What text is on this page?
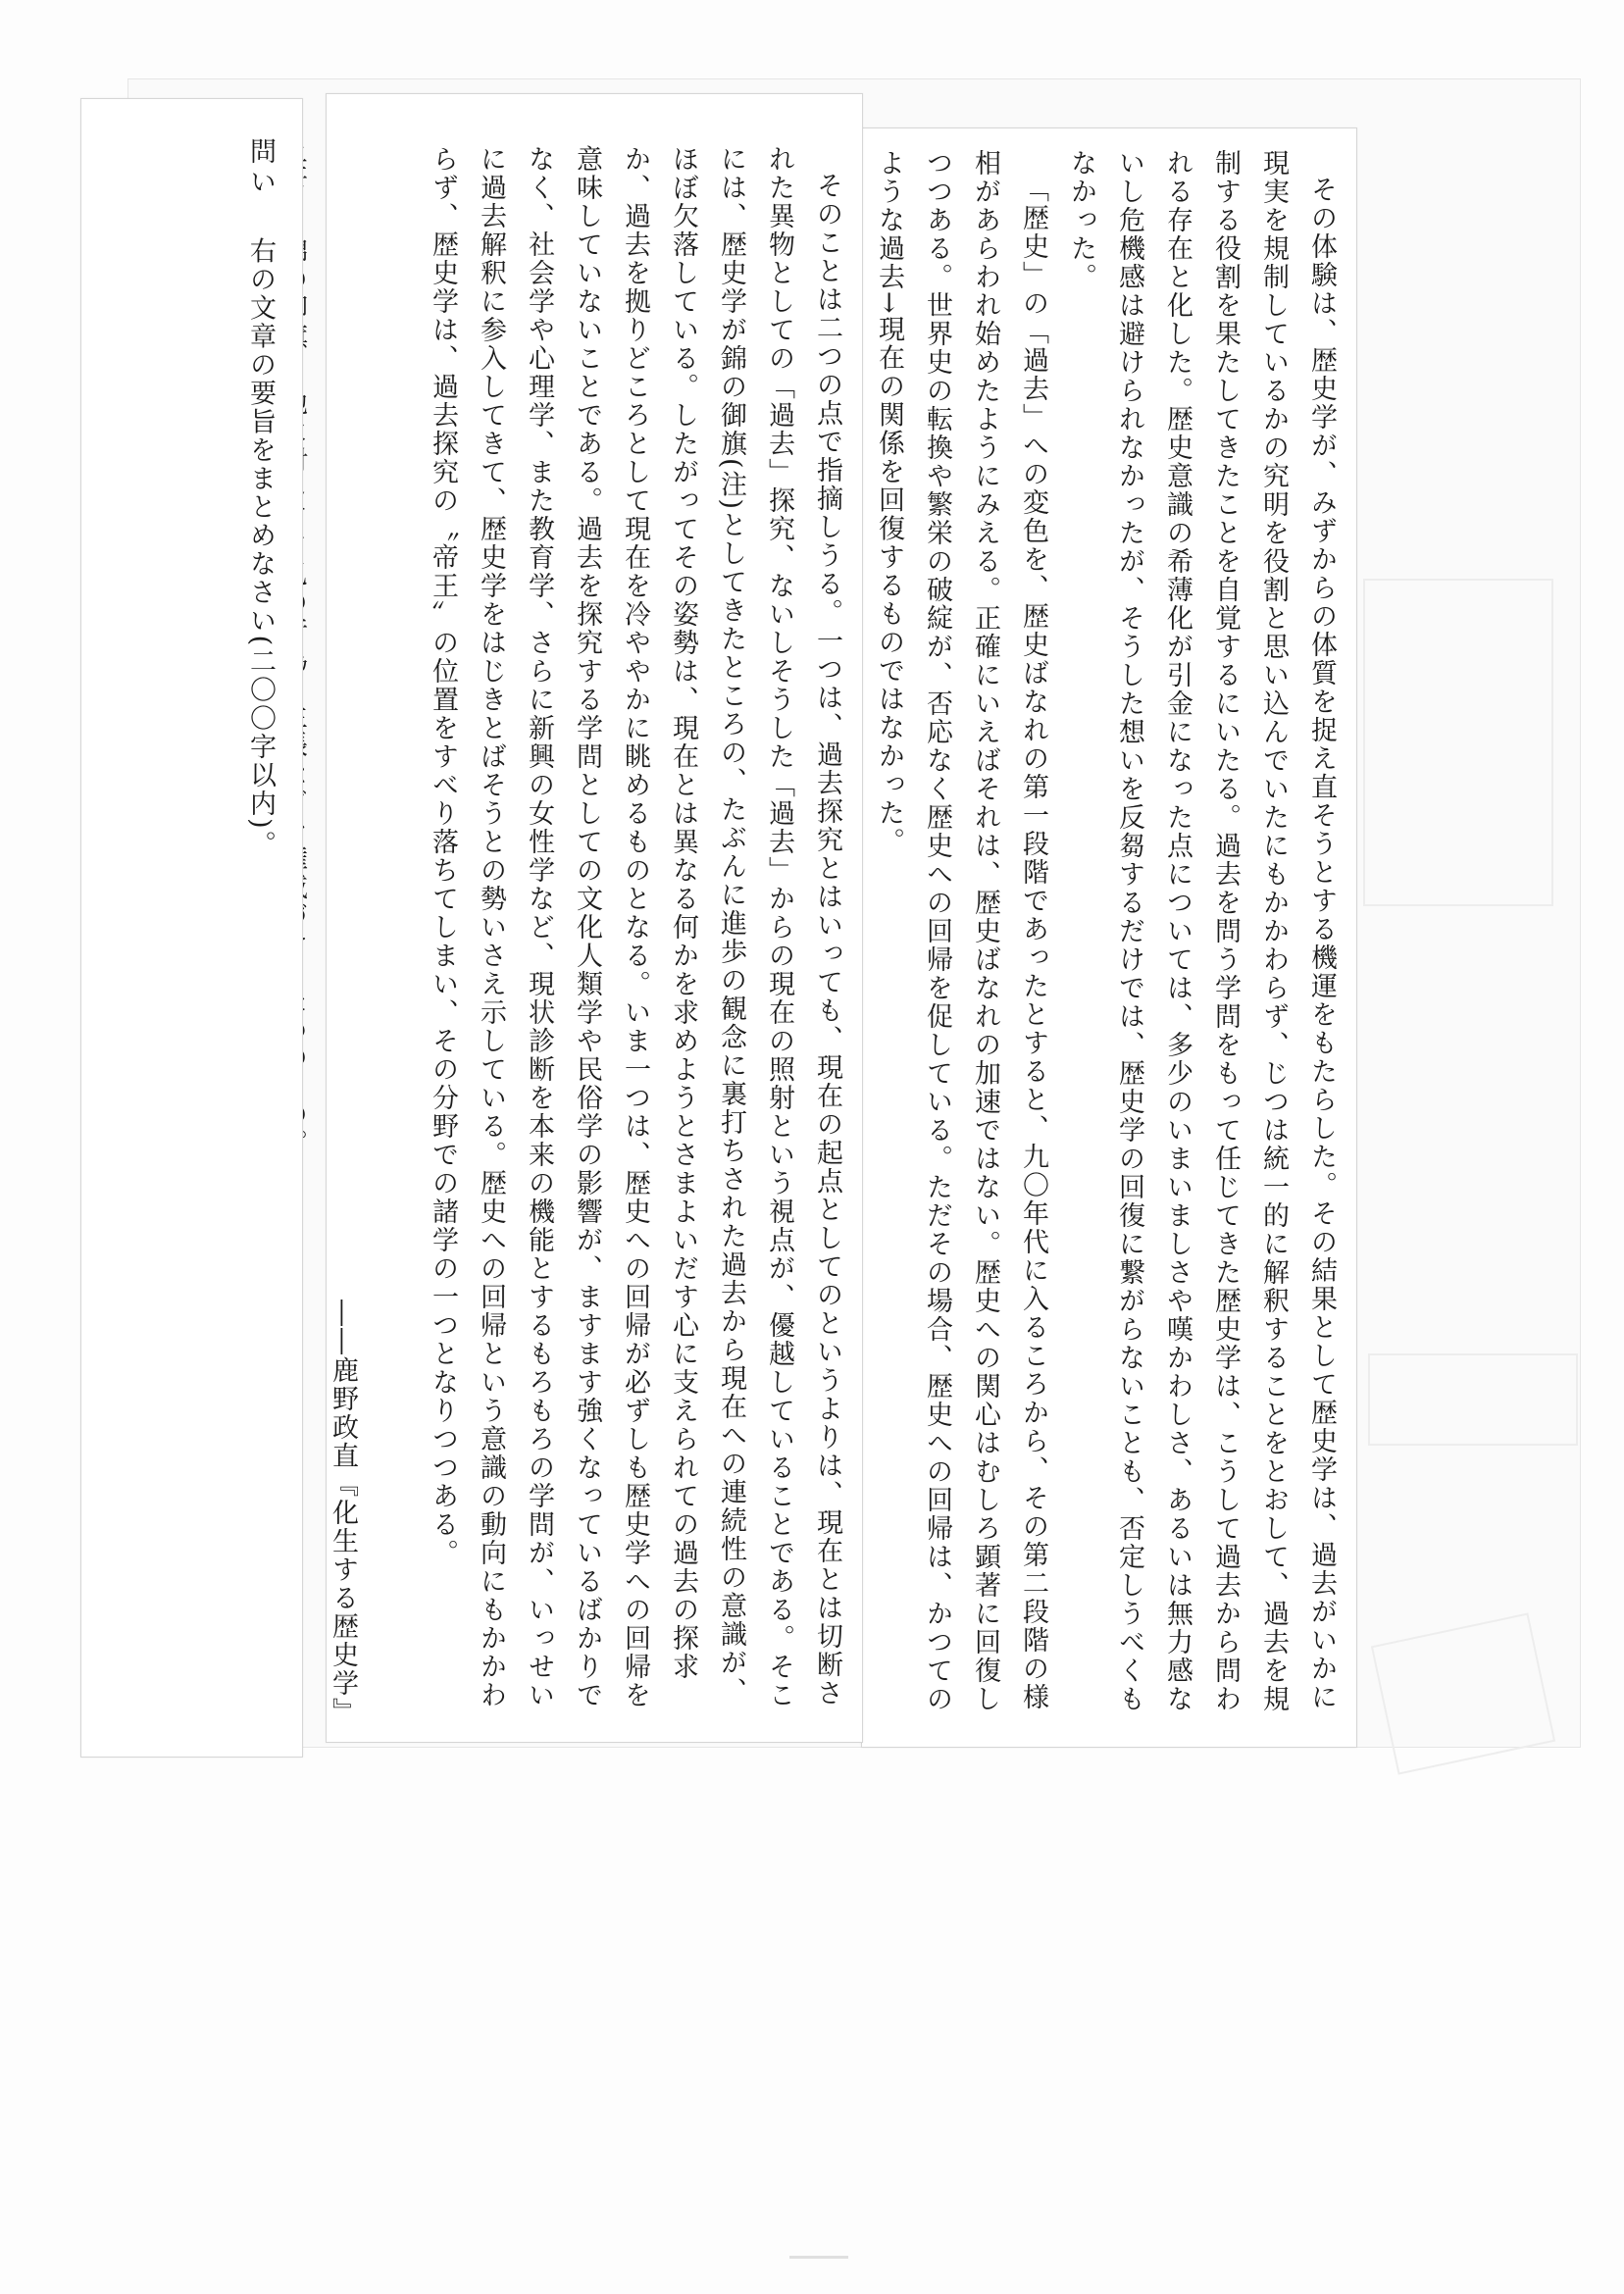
その体験は、歴史学が、みずからの体質を捉え直そうとする機運をもたらした。その結果として歴史学は、過去がいかに現実を規制しているかの究明を役割と思い込んでいたにもかかわらず、じつは統一的に解釈することをとおして、過去を規制する役割を果たしてきたことを自覚するにいたる。過去を問う学問をもって任じてきた歴史学は、こうして過去から問われる存在と化した。歴史意識の希薄化が引金になった点については、多少のいまいましさや嘆かわしさ、あるいは無力感ないし危機感は避けられなかったが、そうした想いを反芻するだけでは、歴史学の回復に繋がらないことも、否定しうべくもなかった。

「歴史」の「過去」への変色を、歴史ばなれの第一段階であったとすると、九〇年代に入るころから、その第二段階の様相があらわれ始めたようにみえる。正確にいえばそれは、歴史ばなれの加速ではない。歴史への関心はむしろ顕著に回復しつつある。世界史の転換や繁栄の破綻が、否応なく歴史への回帰を促している。ただその場合、歴史への回帰は、かつてのような過去→現在の関係を回復するものではなかった。

そのことは二つの点で指摘しうる。一つは、過去探究とはいっても、現在の起点としてのというよりは、現在とは切断された異物としての「過去」探究、ないしそうした「過去」からの現在の照射という視点が、優越していることである。そこには、歴史学が錦の御旗(注)としてきたところの、たぶんに進歩の観念に裏打ちされた過去から現在への連続性の意識が、ほぼ欠落している。したがってその姿勢は、現在とは異なる何かを求めようとさまよいだす心に支えられての過去の探求か、過去を拠りどころとして現在を冷ややかに眺めるものとなる。いま一つは、歴史への回帰が必ずしも歴史学への回帰を意味していないことである。過去を探究する学問としての文化人類学や民俗学の影響が、ますます強くなっているばかりでなく、社会学や心理学、また教育学、さらに新興の女性学など、現状診断を本来の機能とするもろもろの学問が、いっせいに過去解釈に参入してきて、歴史学をはじきとばそうとの勢いさえ示している。歴史への回帰という意識の動向にもかかわらず、歴史学は、過去探究の〝帝王〟の位置をすべり落ちてしまい、その分野での諸学の一つとなりつつある。

――鹿野政直『化生する歴史学』

問い　 右の文章の要旨をまとめなさい(二〇〇字以内)。
